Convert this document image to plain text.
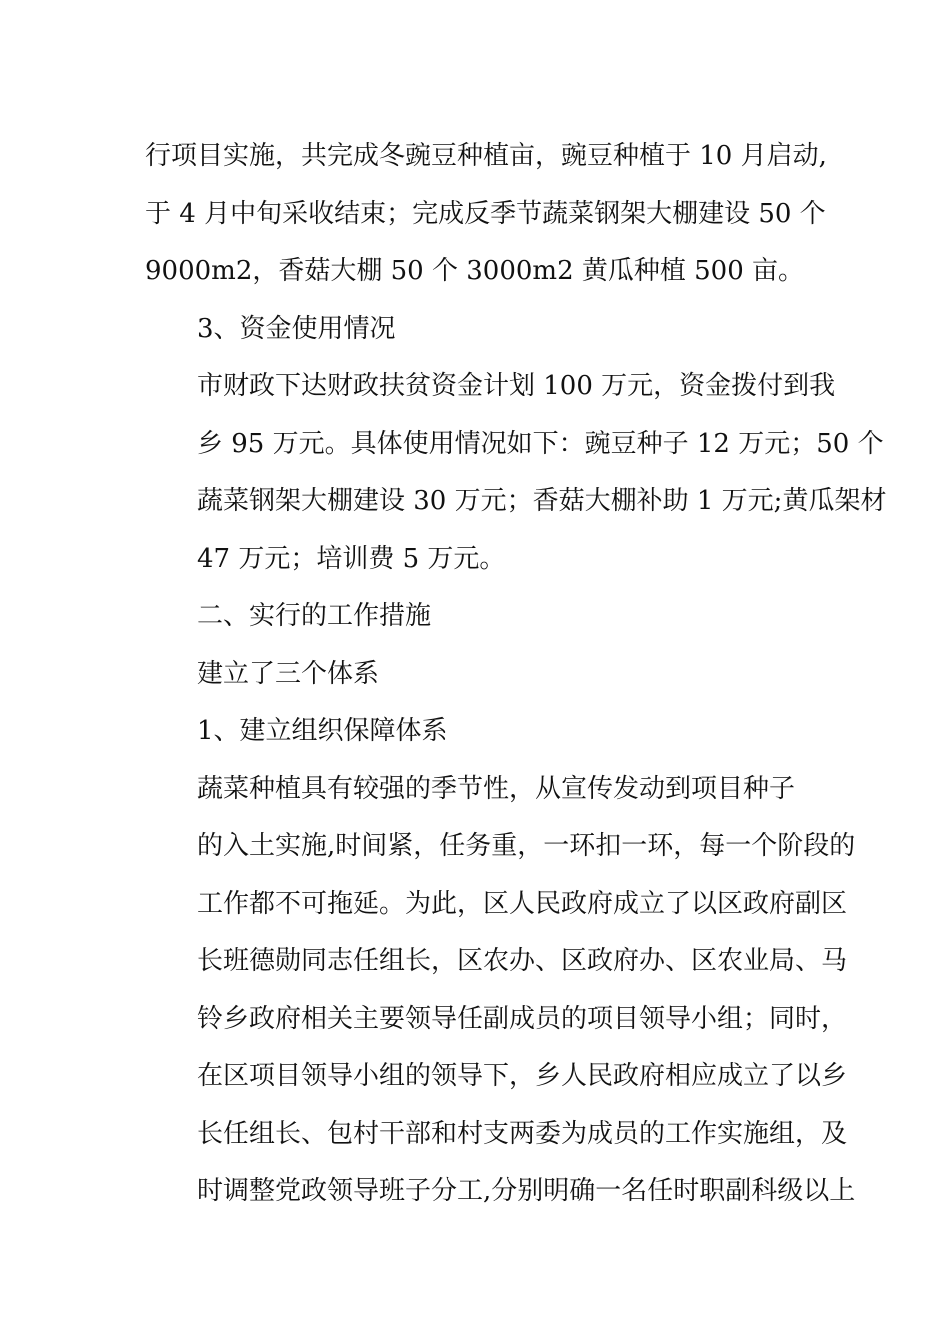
行项目实施，共完成冬豌豆种植亩，豌豆种植于 10 月启动,
于 4 月中旬采收结束；完成反季节蔬菜钢架大棚建设 50 个
9000m2，香菇大棚 50 个 3000m2 黄瓜种植 500 亩。
3、资金使用情况
市财政下达财政扶贫资金计划 100 万元，资金拨付到我
乡 95 万元。具体使用情况如下：豌豆种子 12 万元；50 个
蔬菜钢架大棚建设 30 万元；香菇大棚补助 1 万元;黄瓜架材
47 万元；培训费 5 万元。
二、实行的工作措施
建立了三个体系
1、建立组织保障体系
蔬菜种植具有较强的季节性，从宣传发动到项目种子
的入土实施,时间紧，任务重，一环扣一环，每一个阶段的
工作都不可拖延。为此，区人民政府成立了以区政府副区
长班德勋同志任组长，区农办、区政府办、区农业局、马
铃乡政府相关主要领导任副成员的项目领导小组；同时，
在区项目领导小组的领导下，乡人民政府相应成立了以乡
长任组长、包村干部和村支两委为成员的工作实施组，及
时调整党政领导班子分工,分别明确一名任时职副科级以上
